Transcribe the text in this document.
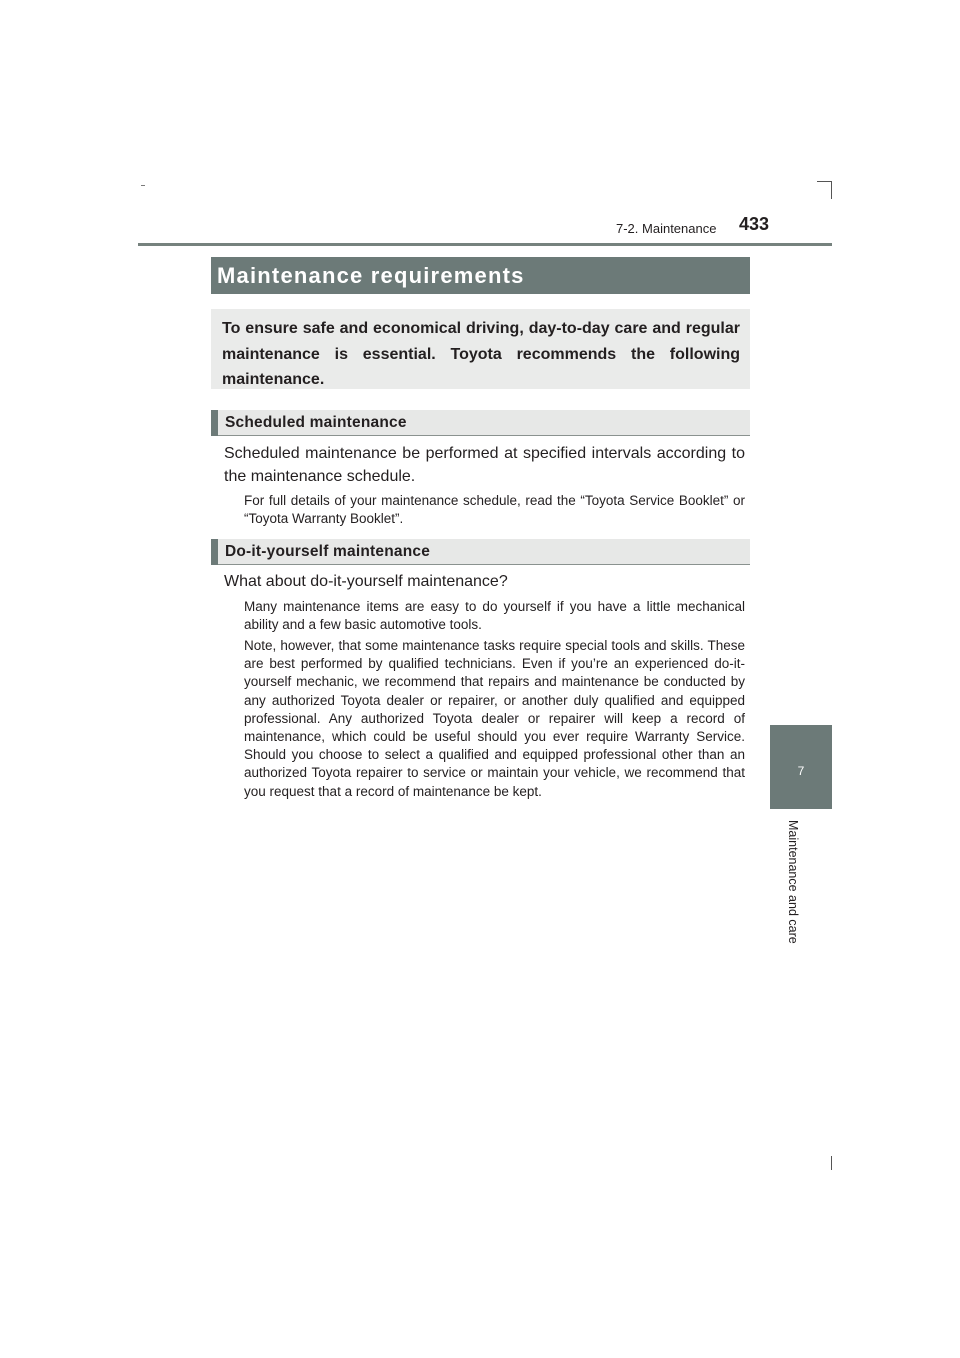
7-2. Maintenance 433
7
Maintenance and care
Maintenance requirements
To ensure safe and economical driving, day-to-day care and regular maintenance is essential. Toyota recommends the following maintenance.
Scheduled maintenance
Scheduled maintenance be performed at specified intervals according to the maintenance schedule.
For full details of your maintenance schedule, read the “Toyota Service Booklet” or “Toyota Warranty Booklet”.
Do-it-yourself maintenance
What about do-it-yourself maintenance?
Many maintenance items are easy to do yourself if you have a little mechanical ability and a few basic automotive tools.
Note, however, that some maintenance tasks require special tools and skills. These are best performed by qualified technicians. Even if you’re an experienced do-it-yourself mechanic, we recommend that repairs and maintenance be conducted by any authorized Toyota dealer or repairer, or another duly qualified and equipped professional. Any authorized Toyota dealer or repairer will keep a record of maintenance, which could be useful should you ever require Warranty Service. Should you choose to select a qualified and equipped professional other than an authorized Toyota repairer to service or maintain your vehicle, we recommend that you request that a record of maintenance be kept.
